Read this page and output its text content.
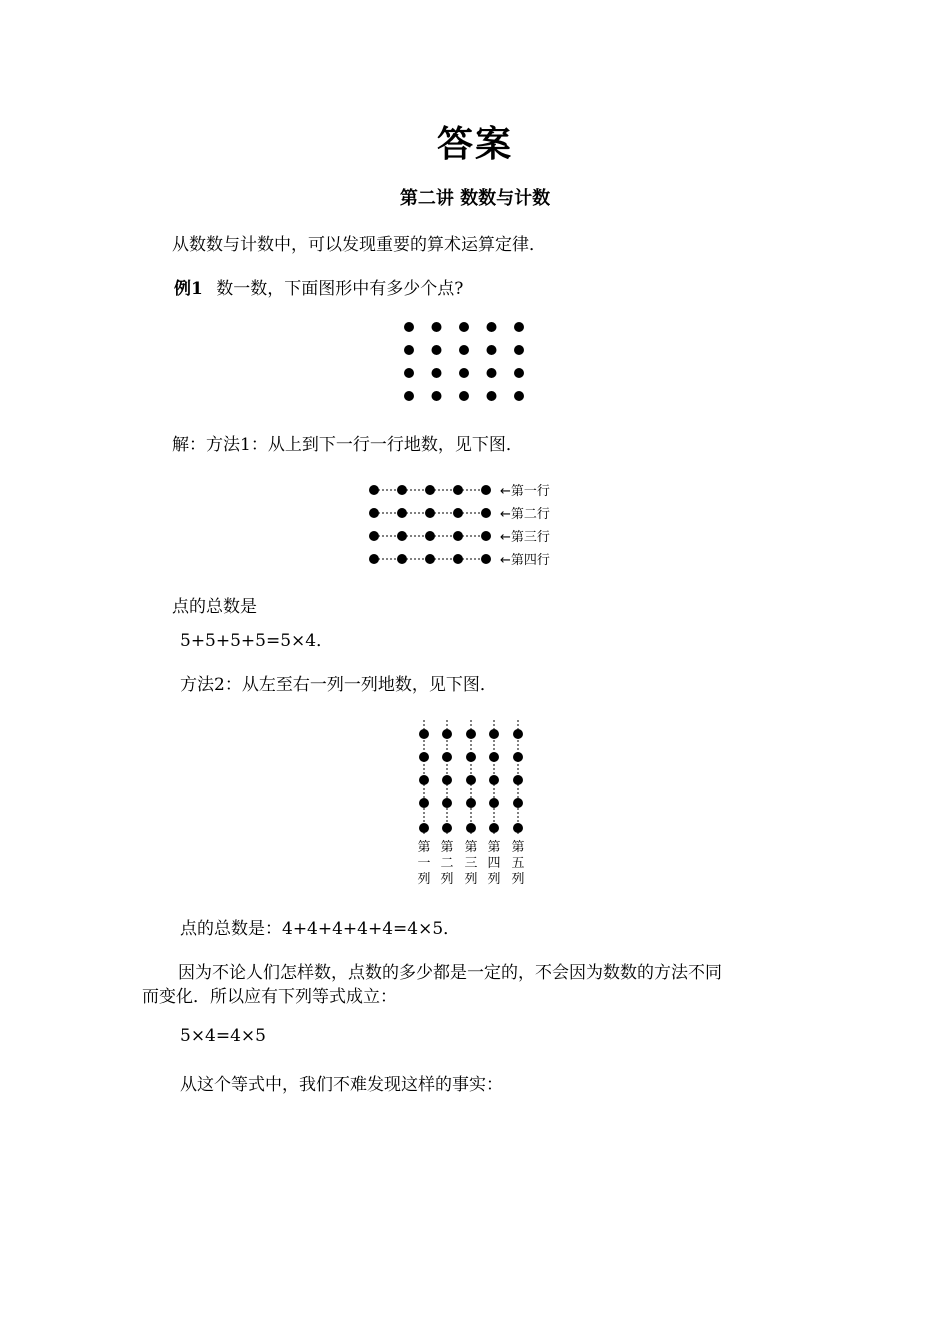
答案
第二讲 数数与计数
从数数与计数中，可以发现重要的算术运算定律．
例1 数一数，下面图形中有多少个点?
解：方法1：从上到下一行一行地数，见下图．
←第一行
←第二行
←第三行
←第四行
点的总数是
5+5+5+5=5×4．
方法2：从左至右一列一列地数，见下图．
第
一
列
第
二
列
第
三
列
第
四
列
第
五
列
点的总数是：4+4+4+4+4=4×5．
因为不论人们怎样数，点数的多少都是一定的，不会因为数数的方法不同
而变化．所以应有下列等式成立：
5×4=4×5
从这个等式中，我们不难发现这样的事实：
